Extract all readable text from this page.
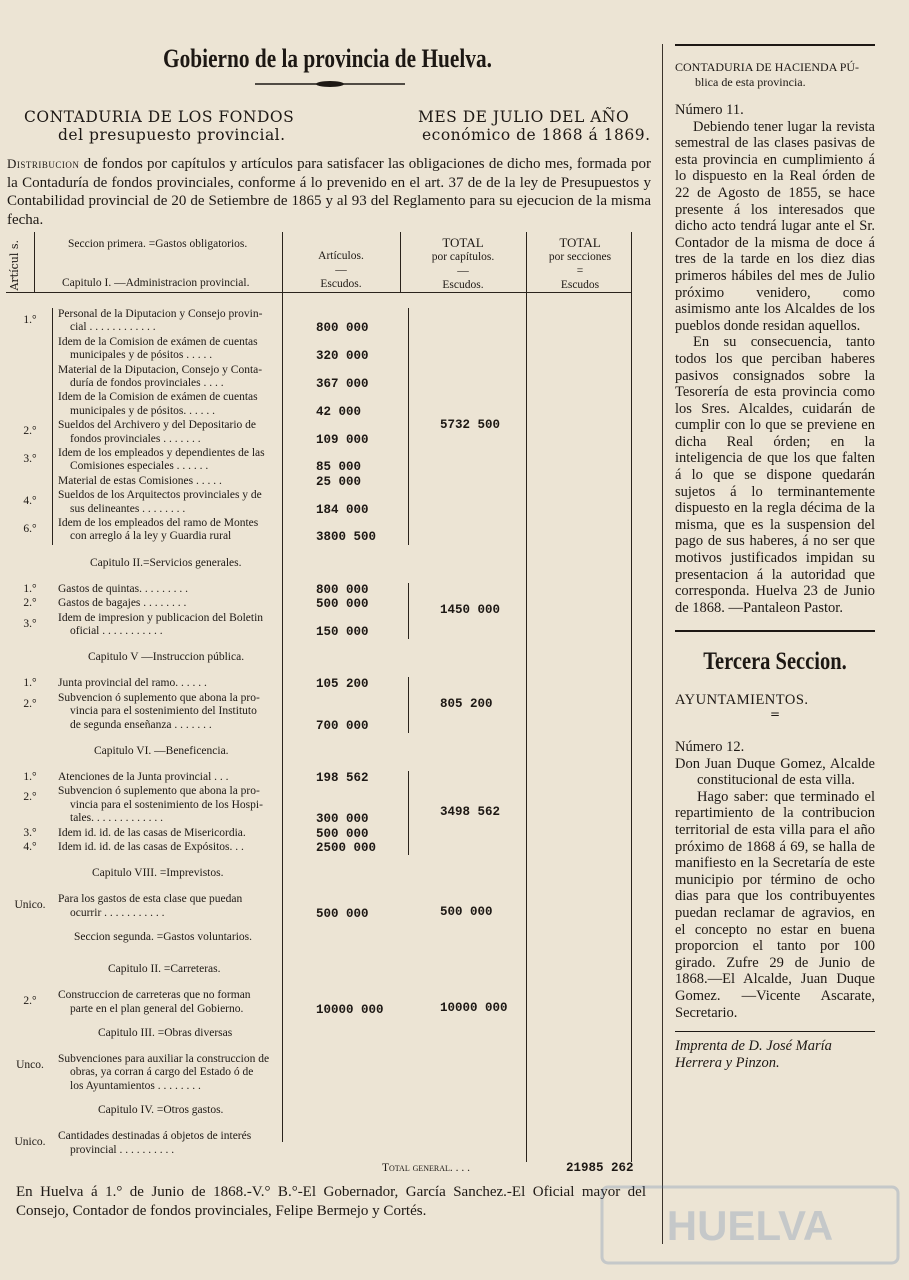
Gobierno de la provincia de Huelva.
CONTADURIA DE LOS FONDOS
del presupuesto provincial.
MES DE JULIO DEL AÑO
económico de 1868 á 1869.
Distribucion de fondos por capítulos y artículos para satisfacer las obligaciones de dicho mes, formada por la Contaduría de fondos provinciales, conforme á lo prevenido en el art. 37 de de la ley de Presupuestos y Contabilidad provincial de 20 de Setiembre de 1865 y al 93 del Reglamento para su ejecucion de la misma fecha.
Artícul s.	Seccion primera. =Gastos obligatorios.
Capitulo I. —Administracion provincial.
Artículos.
—
Escudos.
TOTAL
por capítulos.
—
Escudos.
TOTAL
por secciones
=
Escudos
1.°	Personal de la Diputacion y Consejo provin-
cial . . . . . . . . . . . .	800 000
Idem de la Comision de exámen de cuentas
municipales y de pósitos . . . . .	320 000
Material de la Diputacion, Consejo y Conta-
duría de fondos provinciales . . . .	367 000
Idem de la Comision de exámen de cuentas
municipales y de pósitos. . . . . .	42 000
2.°	Sueldos del Archivero y del Depositario de
fondos provinciales . . . . . . .	109 000
3.°	Idem de los empleados y dependientes de las
Comisiones especiales . . . . . .	85 000
Material de estas Comisiones . . . . .	25 000
4.°	Sueldos de los Arquitectos provinciales y de
sus delineantes . . . . . . . .	184 000
6.°	Idem de los empleados del ramo de Montes
con arreglo á la ley y Guardia rural	3800 500
5732 500
Capitulo II.=Servicios generales.
1.°	Gastos de quintas. . . . . . . . .	800 000
2.°	Gastos de bagajes . . . . . . . .	500 000
3.°	Idem de impresion y publicacion del Boletin
oficial . . . . . . . . . . .	150 000
1450 000
Capitulo V —Instruccion pública.
1.°	Junta provincial del ramo. . . . . .	105 200
2.°	Subvencion ó suplemento que abona la pro-
vincia para el sostenimiento del Instituto
de segunda enseñanza . . . . . . .	700 000
805 200
Capitulo VI. —Beneficencia.
1.°	Atenciones de la Junta provincial . . .	198 562
2.°	Subvencion ó suplemento que abona la pro-
vincia para el sostenimiento de los Hospi-
tales. . . . . . . . . . . . .	300 000
3.°	Idem id. id. de las casas de Misericordia.	500 000
4.°	Idem id. id. de las casas de Expósitos. . .	2500 000
3498 562
Capitulo VIII. =Imprevistos.
Unico.	Para los gastos de esta clase que puedan
ocurrir . . . . . . . . . . .	500 000	500 000
Seccion segunda. =Gastos voluntarios.
Capitulo II. =Carreteras.
2.°	Construccion de carreteras que no forman
parte en el plan general del Gobierno.	10000 000	10000 000
Capitulo III. =Obras diversas
Unco.	Subvenciones para auxiliar la construccion de
obras, ya corran á cargo del Estado ó de
los Ayuntamientos . . . . . . . .
Capitulo IV. =Otros gastos.
Unico.	Cantidades destinadas á objetos de interés
provincial . . . . . . . . . .
Total general. . . .	21985 262
En Huelva á 1.° de Junio de 1868.-V.° B.°-El Gobernador, García Sanchez.-El Oficial mayor del Consejo, Contador de fondos provinciales, Felipe Bermejo y Cortés.
CONTADURIA DE HACIENDA PÚ-
blica de esta provincia.
Número 11.
Debiendo tener lugar la revista semestral de las clases pasivas de esta provincia en cumplimiento á lo dispuesto en la Real órden de 22 de Agosto de 1855, se hace presente á los interesados que dicho acto tendrá lugar ante el Sr. Contador de la misma de doce á tres de la tarde en los diez dias primeros hábiles del mes de Julio próximo venidero, como asimismo ante los Alcaldes de los pueblos donde residan aquellos.
En su consecuencia, tanto todos los que perciban haberes pasivos consignados sobre la Tesorería de esta provincia como los Sres. Alcaldes, cuidarán de cumplir con lo que se previene en dicha Real órden; en la inteligencia de que los que falten á lo que se dispone quedarán sujetos á lo terminantemente dispuesto en la regla décima de la misma, que es la suspension del pago de sus haberes, á no ser que motivos justificados impidan su presentacion á la autoridad que corresponda. Huelva 23 de Junio de 1868. —Pantaleon Pastor.
Tercera Seccion.
AYUNTAMIENTOS.
=
Número 12.
Don Juan Duque Gomez, Alcalde constitucional de esta villa.
Hago saber: que terminado el repartimiento de la contribucion territorial de esta villa para el año próximo de 1868 á 69, se halla de manifiesto en la Secretaría de este municipio por término de ocho dias para que los contribuyentes puedan reclamar de agravios, en el concepto no estar en buena proporcion el tanto por 100 girado. Zufre 29 de Junio de 1868.—El Alcalde, Juan Duque Gomez. —Vicente Ascarate, Secretario.
Imprenta de D. José María
Herrera y Pinzon.
HUELVA
